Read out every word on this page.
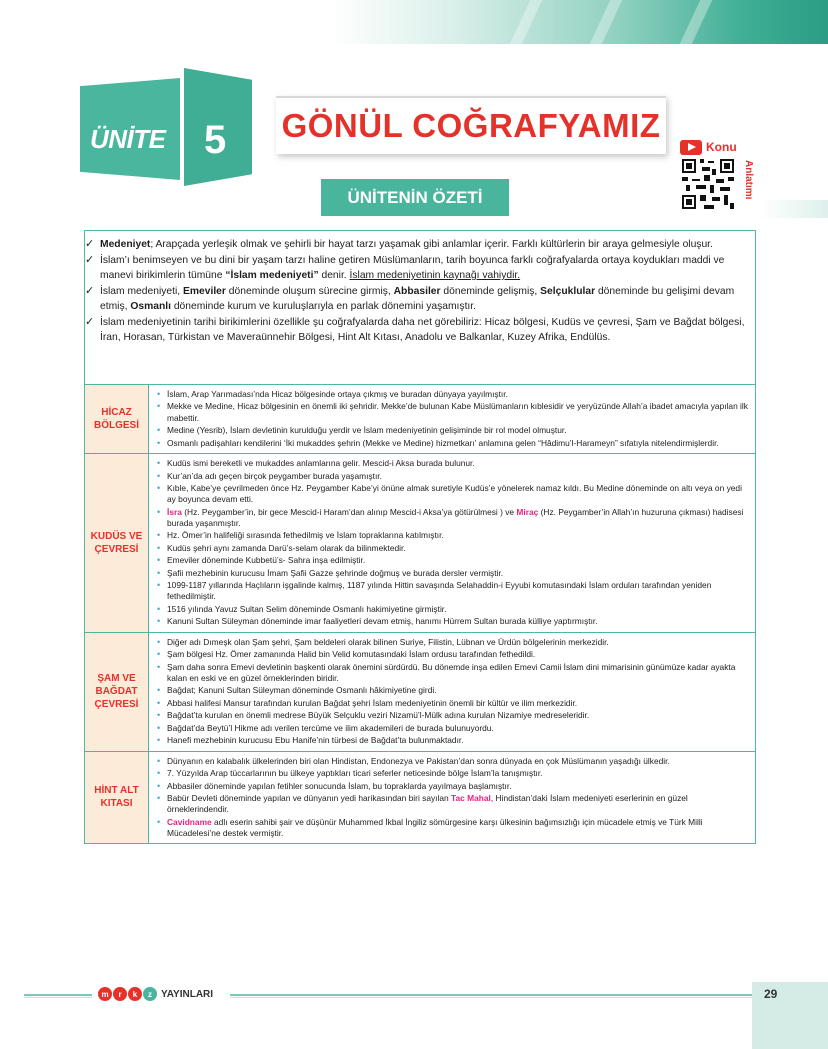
ÜNİTE 5 GÖNÜL COĞRAFYAMIZ
ÜNİTENİN ÖZETİ
Konu
Anlatımı
✓ Medeniyet; Arapçada yerleşik olmak ve şehirli bir hayat tarzı yaşamak gibi anlamlar içerir. Farklı kültürlerin bir araya gelmesiyle oluşur.
✓ İslam’ı benimseyen ve bu dini bir yaşam tarzı haline getiren Müslümanların, tarih boyunca farklı coğrafyalarda ortaya koydukları maddi ve manevi birikimlerin tümüne “İslam medeniyeti” denir. İslam medeniyetinin kaynağı vahiydir.
✓ İslam medeniyeti, Emeviler döneminde oluşum sürecine girmiş, Abbasiler döneminde gelişmiş, Selçuklular döneminde bu gelişimi devam etmiş, Osmanlı döneminde kurum ve kuruluşlarıyla en parlak dönemini yaşamıştır.
✓ İslam medeniyetinin tarihi birikimlerini özellikle şu coğrafyalarda daha net görebiliriz: Hicaz bölgesi, Kudüs ve çevresi, Şam ve Bağdat bölgesi, İran, Horasan, Türkistan ve Maveraünnehir Bölgesi, Hint Alt Kıtası, Anadolu ve Balkanlar, Kuzey Afrika, Endülüs.
HİCAZ BÖLGESİ
• İslam, Arap Yarımadası’nda Hicaz bölgesinde ortaya çıkmış ve buradan dünyaya yayılmıştır.
• Mekke ve Medine, Hicaz bölgesinin en önemli iki şehridir. Mekke’de bulunan Kabe Müslümanların kıblesidir ve yeryüzünde Allah’a ibadet amacıyla yapılan ilk mabettir.
• Medine (Yesrib), İslam devletinin kurulduğu yerdir ve İslam medeniyetinin gelişiminde bir rol model olmuştur.
• Osmanlı padişahları kendilerini ‘İki mukaddes şehrin (Mekke ve Medine) hizmetkarı’ anlamına gelen “Hâdimu’l-Harameyn” sıfatıyla nitelendirmişlerdir.
KUDÜS VE ÇEVRESİ
• Kudüs ismi bereketli ve mukaddes anlamlarına gelir. Mescid-i Aksa burada bulunur.
• Kur’an’da adı geçen birçok peygamber burada yaşamıştır.
• Kıble, Kabe’ye çevrilmeden önce Hz. Peygamber Kabe’yi önüne almak suretiyle Kudüs’e yönelerek namaz kıldı. Bu Medine döneminde on altı veya on yedi ay boyunca devam etti.
• İsra (Hz. Peygamber’in, bir gece Mescid-i Haram’dan alınıp Mescid-i Aksa’ya götürülmesi ) ve Miraç (Hz. Peygamber’in Allah’ın huzuruna çıkması) hadisesi burada yaşanmıştır.
• Hz. Ömer’in halifeliği sırasında fethedilmiş ve İslam topraklarına katılmıştır.
• Kudüs şehri aynı zamanda Darü’s-selam olarak da bilinmektedir.
• Emeviler döneminde Kubbetü’s- Sahra inşa edilmiştir.
• Şafii mezhebinin kurucusu İmam Şafii Gazze şehrinde doğmuş ve burada dersler vermiştir.
• 1099-1187 yıllarında Haçlıların işgalinde kalmış, 1187 yılında Hittin savaşında Selahaddin-i Eyyubi komutasındaki İslam orduları tarafından yeniden fethedilmiştir.
• 1516 yılında Yavuz Sultan Selim döneminde Osmanlı hakimiyetine girmiştir.
• Kanuni Sultan Süleyman döneminde imar faaliyetleri devam etmiş, hanımı Hürrem Sultan burada külliye yaptırmıştır.
ŞAM VE BAĞDAT ÇEVRESİ
• Diğer adı Dımeşk olan Şam şehri, Şam beldeleri olarak bilinen Suriye, Filistin, Lübnan ve Ürdün bölgelerinin merkezidir.
• Şam bölgesi Hz. Ömer zamanında Halid bin Velid komutasındaki İslam ordusu tarafından fethedildi.
• Şam daha sonra Emevi devletinin başkenti olarak önemini sürdürdü. Bu dönemde inşa edilen Emevi Camii İslam dini mimarisinin günümüze kadar ayakta kalan en eski ve en güzel örneklerinden biridir.
• Bağdat; Kanuni Sultan Süleyman döneminde Osmanlı hâkimiyetine girdi.
• Abbasi halifesi Mansur tarafından kurulan Bağdat şehri İslam medeniyetinin önemli bir kültür ve ilim merkezidir.
• Bağdat’ta kurulan en önemli medrese Büyük Selçuklu veziri Nizamü’l-Mülk adına kurulan Nizamiye medreseleridir.
• Bağdat’da Beytü’l Hikme adı verilen tercüme ve ilim akademileri de burada bulunuyordu.
• Hanefi mezhebinin kurucusu Ebu Hanife’nin türbesi de Bağdat’ta bulunmaktadır.
HİNT ALT KITASI
• Dünyanın en kalabalık ülkelerinden biri olan Hindistan, Endonezya ve Pakistan’dan sonra dünyada en çok Müslümanın yaşadığı ülkedir.
• 7. Yüzyılda Arap tüccarlarının bu ülkeye yaptıkları ticari seferler neticesinde bölge İslam’la tanışmıştır.
• Abbasiler döneminde yapılan fetihler sonucunda İslam, bu topraklarda yayılmaya başlamıştır.
• Babür Devleti döneminde yapılan ve dünyanın yedi harikasından biri sayılan Tac Mahal, Hindistan’daki İslam medeniyeti eserlerinin en güzel örneklerindendir.
• Cavidname adlı eserin sahibi şair ve düşünür Muhammed İkbal İngiliz sömürgesine karşı ülkesinin bağımsızlığı için mücadele etmiş ve Türk Milli Mücadelesi’ne destek vermiştir.
m	r	k	z YAYINLARI	29
